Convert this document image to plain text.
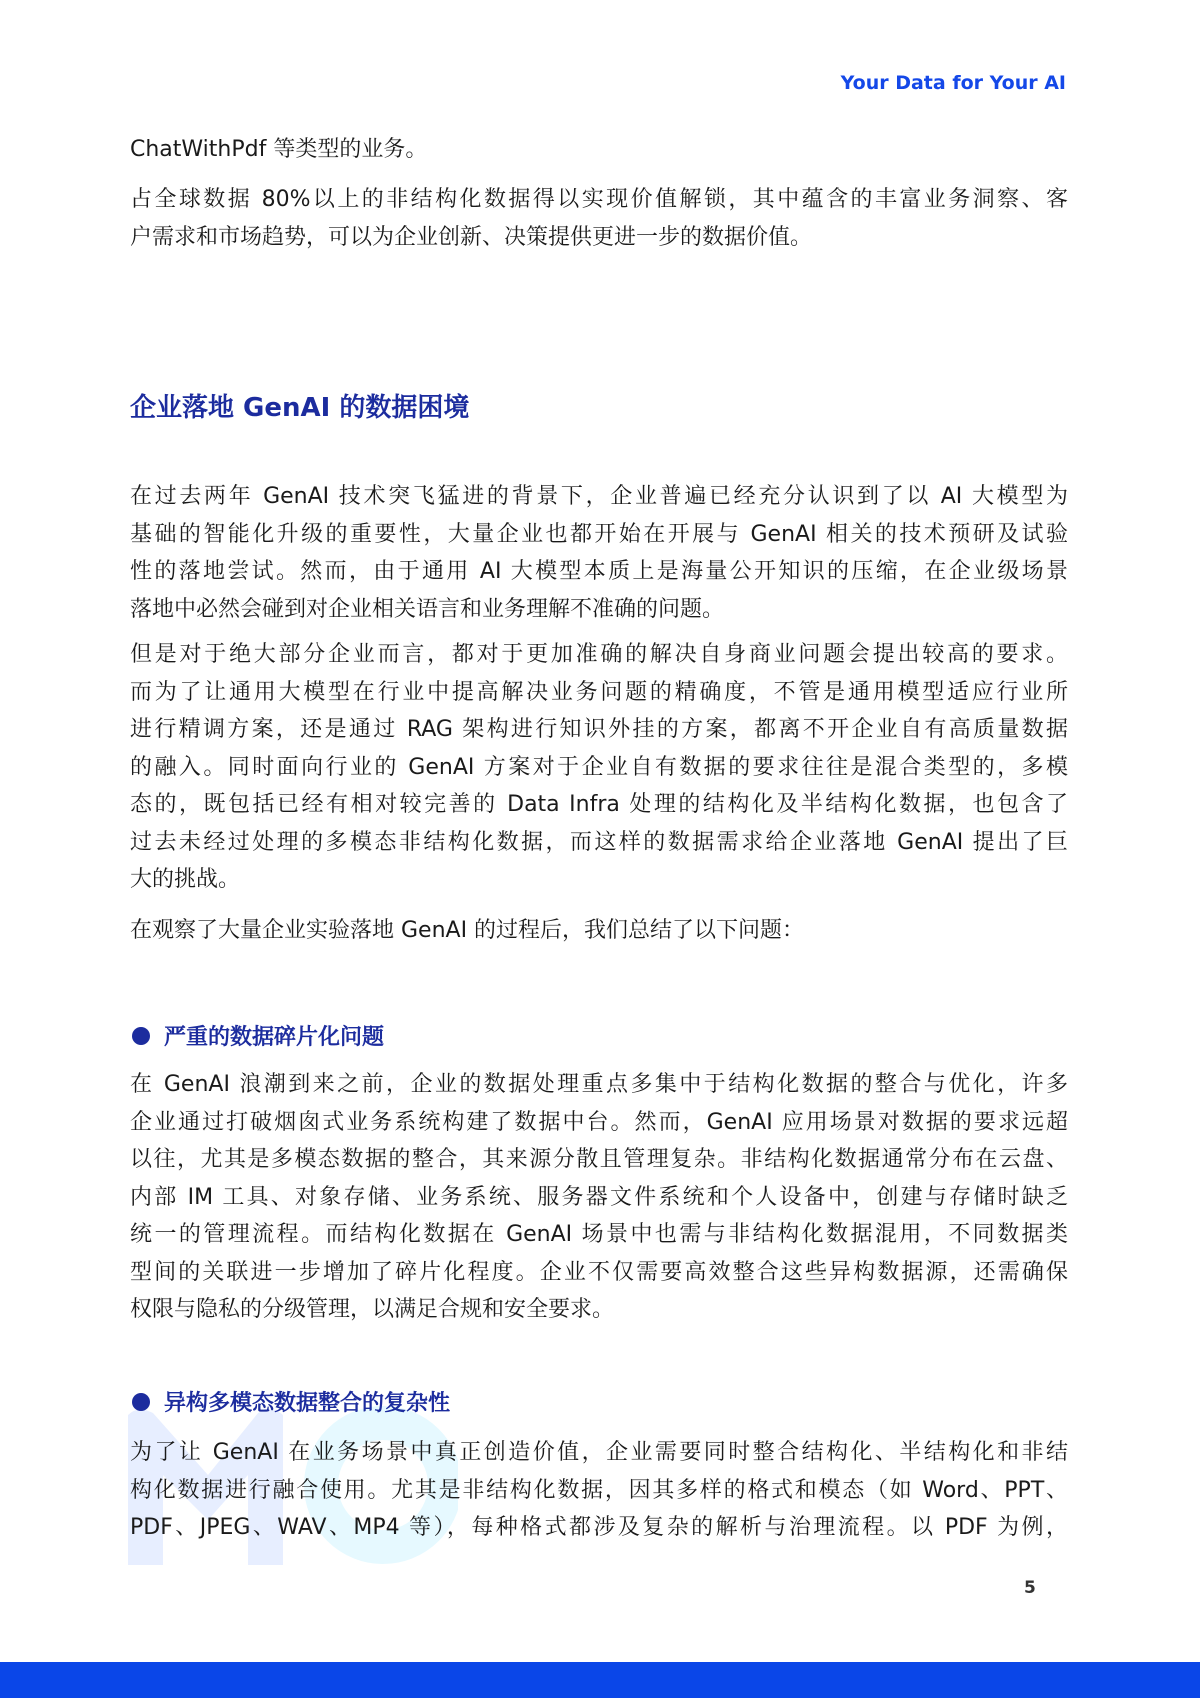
Your Data for Your AI
ChatWithPdf 等类型的业务。
占全球数据 80%以上的非结构化数据得以实现价值解锁，其中蕴含的丰富业务洞察、客
户需求和市场趋势，可以为企业创新、决策提供更进一步的数据价值。
企业落地 GenAI 的数据困境
在过去两年 GenAI 技术突飞猛进的背景下，企业普遍已经充分认识到了以 AI 大模型为
基础的智能化升级的重要性，大量企业也都开始在开展与 GenAI 相关的技术预研及试验
性的落地尝试。然而，由于通用 AI 大模型本质上是海量公开知识的压缩，在企业级场景
落地中必然会碰到对企业相关语言和业务理解不准确的问题。
但是对于绝大部分企业而言，都对于更加准确的解决自身商业问题会提出较高的要求。
而为了让通用大模型在行业中提高解决业务问题的精确度，不管是通用模型适应行业所
进行精调方案，还是通过 RAG 架构进行知识外挂的方案，都离不开企业自有高质量数据
的融入。同时面向行业的 GenAI 方案对于企业自有数据的要求往往是混合类型的，多模
态的，既包括已经有相对较完善的 Data Infra 处理的结构化及半结构化数据，也包含了
过去未经过处理的多模态非结构化数据，而这样的数据需求给企业落地 GenAI 提出了巨
大的挑战。
在观察了大量企业实验落地 GenAI 的过程后，我们总结了以下问题：
严重的数据碎片化问题
在 GenAI 浪潮到来之前，企业的数据处理重点多集中于结构化数据的整合与优化，许多
企业通过打破烟囱式业务系统构建了数据中台。然而，GenAI 应用场景对数据的要求远超
以往，尤其是多模态数据的整合，其来源分散且管理复杂。非结构化数据通常分布在云盘、
内部 IM 工具、对象存储、业务系统、服务器文件系统和个人设备中，创建与存储时缺乏
统一的管理流程。而结构化数据在 GenAI 场景中也需与非结构化数据混用，不同数据类
型间的关联进一步增加了碎片化程度。企业不仅需要高效整合这些异构数据源，还需确保
权限与隐私的分级管理，以满足合规和安全要求。
异构多模态数据整合的复杂性
为了让 GenAI 在业务场景中真正创造价值，企业需要同时整合结构化、半结构化和非结
构化数据进行融合使用。尤其是非结构化数据，因其多样的格式和模态（如 Word、PPT、
PDF、JPEG、WAV、MP4 等），每种格式都涉及复杂的解析与治理流程。以 PDF 为例，
5
